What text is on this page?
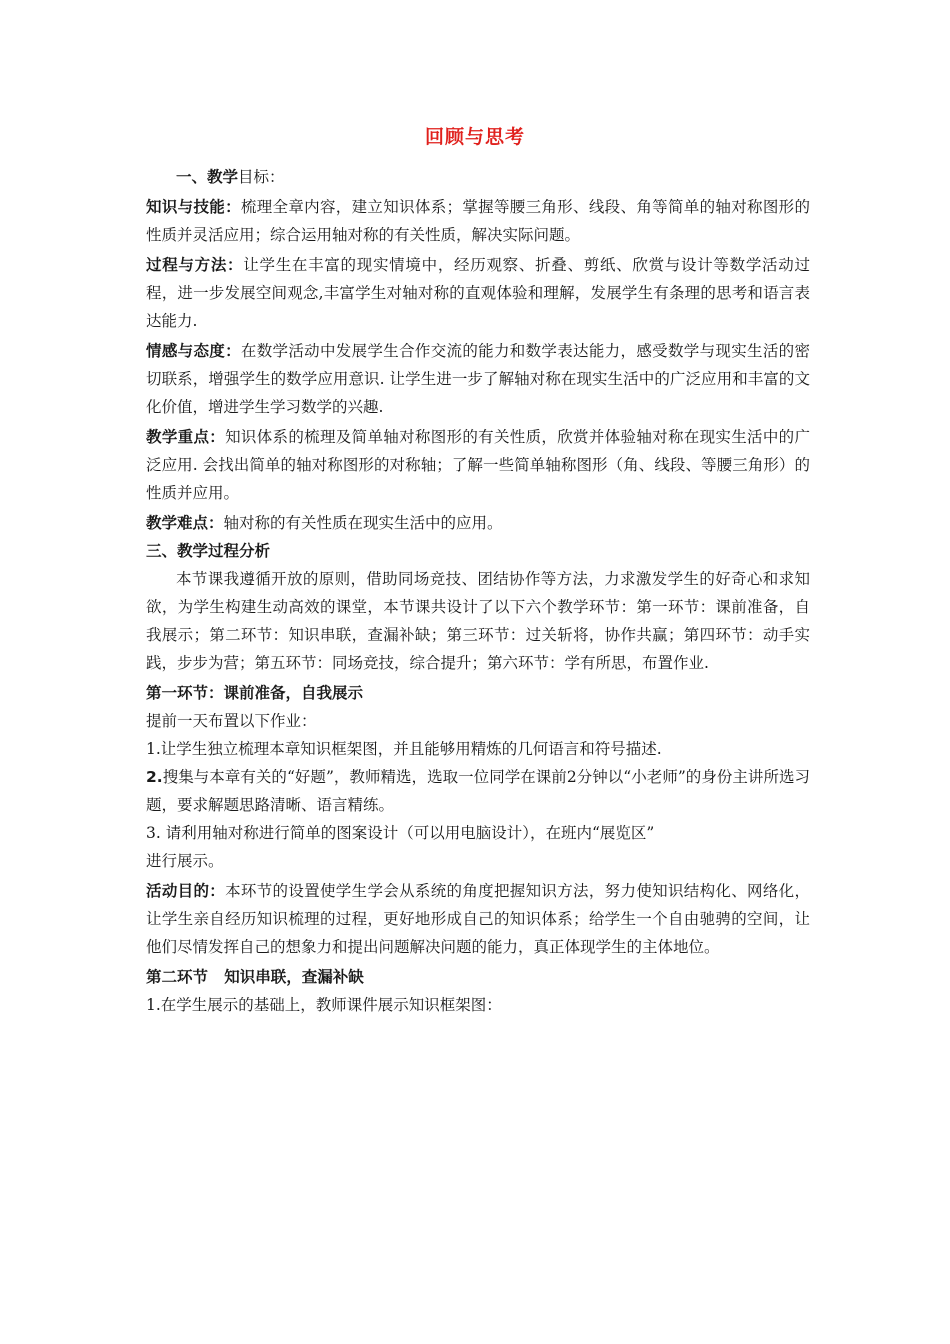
回顾与思考

一、教学目标：

知识与技能：梳理全章内容，建立知识体系；掌握等腰三角形、线段、角等简单的轴对称图形的性质并灵活应用；综合运用轴对称的有关性质，解决实际问题。

过程与方法：让学生在丰富的现实情境中，经历观察、折叠、剪纸、欣赏与设计等数学活动过程，进一步发展空间观念,丰富学生对轴对称的直观体验和理解，发展学生有条理的思考和语言表达能力.

情感与态度：在数学活动中发展学生合作交流的能力和数学表达能力，感受数学与现实生活的密切联系，增强学生的数学应用意识. 让学生进一步了解轴对称在现实生活中的广泛应用和丰富的文化价值，增进学生学习数学的兴趣.

教学重点：知识体系的梳理及简单轴对称图形的有关性质，欣赏并体验轴对称在现实生活中的广泛应用. 会找出简单的轴对称图形的对称轴；了解一些简单轴称图形（角、线段、等腰三角形）的性质并应用。

教学难点：轴对称的有关性质在现实生活中的应用。

三、教学过程分析

本节课我遵循开放的原则，借助同场竞技、团结协作等方法，力求激发学生的好奇心和求知欲，为学生构建生动高效的课堂，本节课共设计了以下六个教学环节：第一环节：课前准备，自我展示；第二环节：知识串联，查漏补缺；第三环节：过关斩将，协作共赢；第四环节：动手实践，步步为营；第五环节：同场竞技，综合提升；第六环节：学有所思，布置作业.

第一环节：课前准备，自我展示

提前一天布置以下作业：

1.让学生独立梳理本章知识框架图，并且能够用精炼的几何语言和符号描述.

2.搜集与本章有关的“好题”，教师精选，选取一位同学在课前2分钟以“小老师”的身份主讲所选习题，要求解题思路清晰、语言精练。

3. 请利用轴对称进行简单的图案设计（可以用电脑设计），在班内“展览区”

进行展示。

活动目的：本环节的设置使学生学会从系统的角度把握知识方法，努力使知识结构化、网络化，让学生亲自经历知识梳理的过程，更好地形成自己的知识体系；给学生一个自由驰骋的空间，让他们尽情发挥自己的想象力和提出问题解决问题的能力，真正体现学生的主体地位。

第二环节   知识串联，查漏补缺

1.在学生展示的基础上，教师课件展示知识框架图：
